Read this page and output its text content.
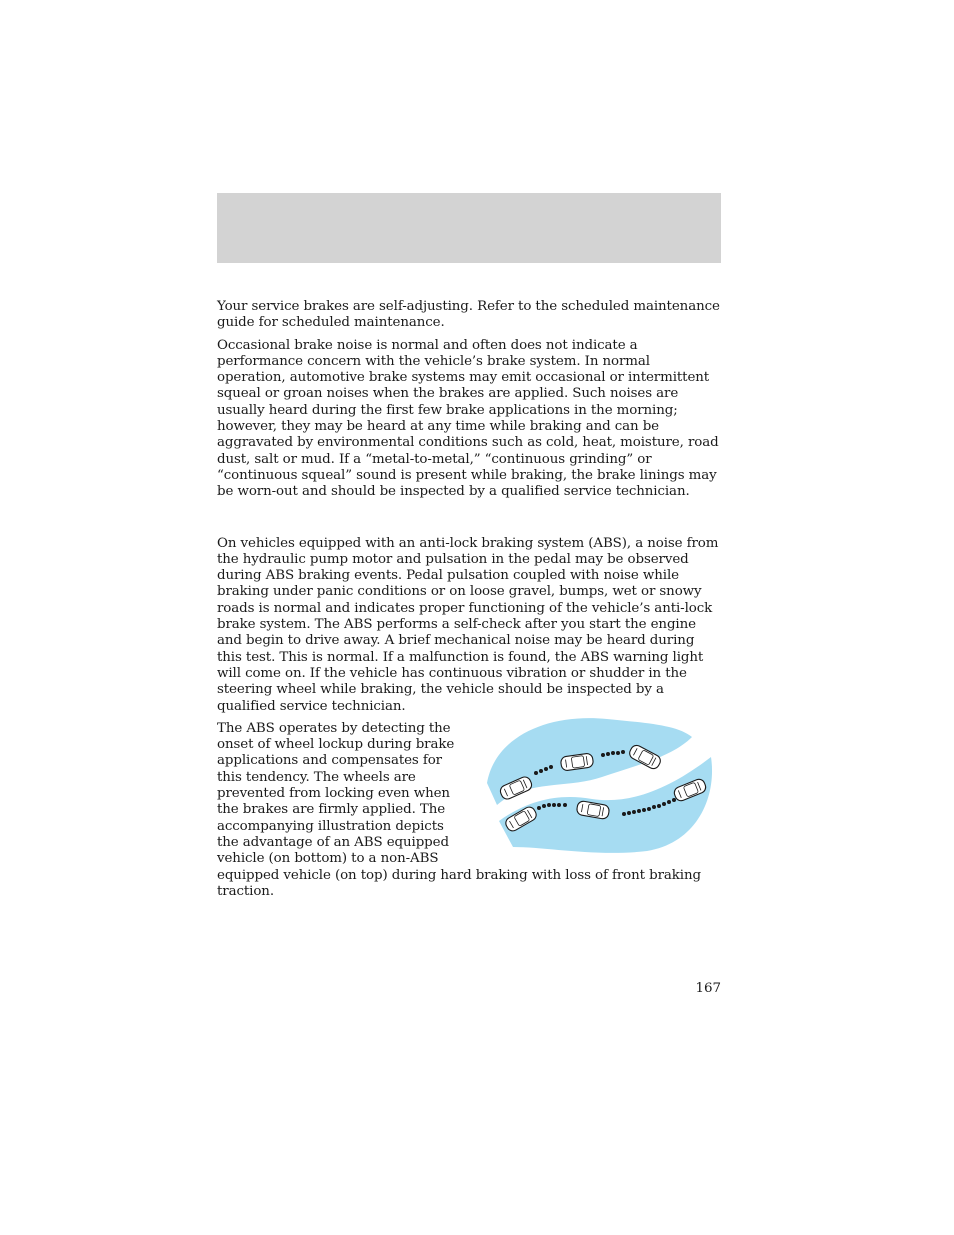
Your service brakes are self-adjusting. Refer to the scheduled maintenance guide for scheduled maintenance.

Occasional brake noise is normal and often does not indicate a performance concern with the vehicle’s brake system. In normal operation, automotive brake systems may emit occasional or intermittent squeal or groan noises when the brakes are applied. Such noises are usually heard during the first few brake applications in the morning; however, they may be heard at any time while braking and can be aggravated by environmental conditions such as cold, heat, moisture, road dust, salt or mud. If a “metal-to-metal,” “continuous grinding” or “continuous squeal” sound is present while braking, the brake linings may be worn-out and should be inspected by a qualified service technician.

On vehicles equipped with an anti-lock braking system (ABS), a noise from the hydraulic pump motor and pulsation in the pedal may be observed during ABS braking events. Pedal pulsation coupled with noise while braking under panic conditions or on loose gravel, bumps, wet or snowy roads is normal and indicates proper functioning of the vehicle’s anti-lock brake system. The ABS performs a self-check after you start the engine and begin to drive away. A brief mechanical noise may be heard during this test. This is normal. If a malfunction is found, the ABS warning light will come on. If the vehicle has continuous vibration or shudder in the steering wheel while braking, the vehicle should be inspected by a qualified service technician.

The ABS operates by detecting the onset of wheel lockup during brake applications and compensates for this tendency. The wheels are prevented from locking even when the brakes are firmly applied. The accompanying illustration depicts the advantage of an ABS equipped vehicle (on bottom) to a non-ABS
equipped vehicle (on top) during hard braking with loss of front braking traction.
167
